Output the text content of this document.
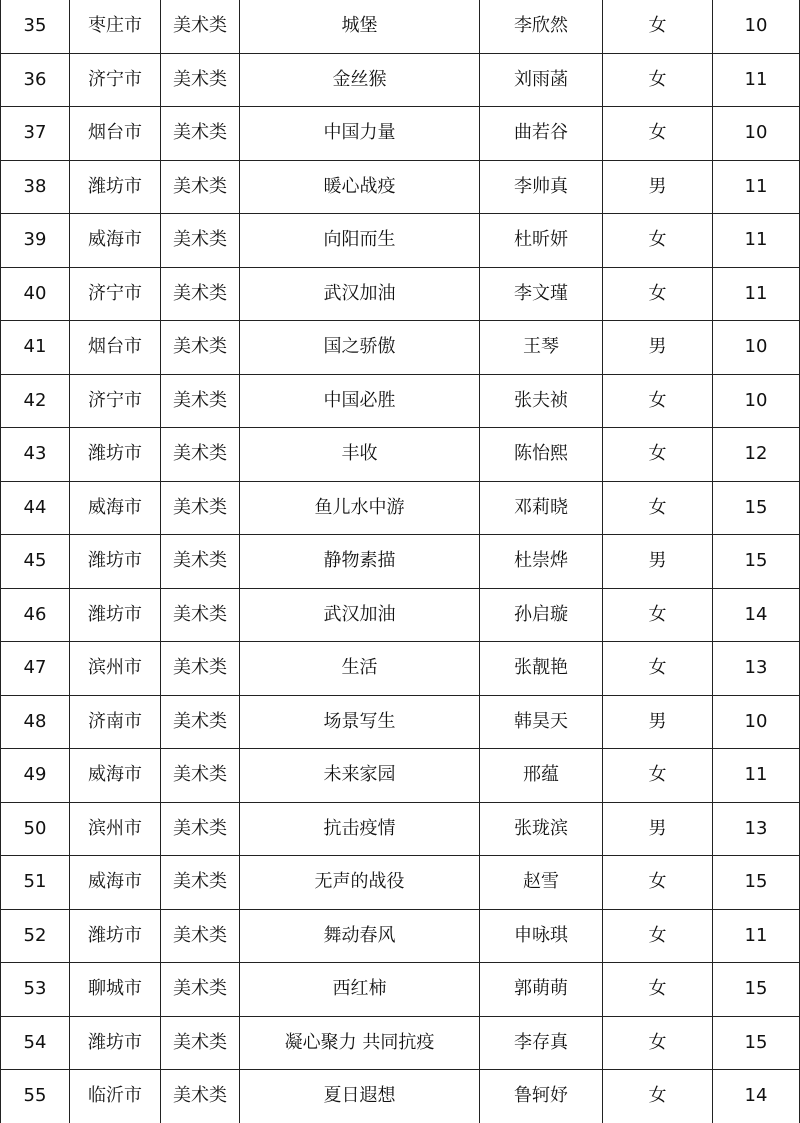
35	枣庄市	美术类	城堡	李欣然	女	10
36	济宁市	美术类	金丝猴	刘雨菡	女	11
37	烟台市	美术类	中国力量	曲若谷	女	10
38	潍坊市	美术类	暖心战疫	李帅真	男	11
39	威海市	美术类	向阳而生	杜昕妍	女	11
40	济宁市	美术类	武汉加油	李文瑾	女	11
41	烟台市	美术类	国之骄傲	王琴	男	10
42	济宁市	美术类	中国必胜	张夫祯	女	10
43	潍坊市	美术类	丰收	陈怡熙	女	12
44	威海市	美术类	鱼儿水中游	邓莉晓	女	15
45	潍坊市	美术类	静物素描	杜崇烨	男	15
46	潍坊市	美术类	武汉加油	孙启璇	女	14
47	滨州市	美术类	生活	张靓艳	女	13
48	济南市	美术类	场景写生	韩昊天	男	10
49	威海市	美术类	未来家园	邢蕴	女	11
50	滨州市	美术类	抗击疫情	张珑滨	男	13
51	威海市	美术类	无声的战役	赵雪	女	15
52	潍坊市	美术类	舞动春风	申咏琪	女	11
53	聊城市	美术类	西红柿	郭萌萌	女	15
54	潍坊市	美术类	凝心聚力 共同抗疫	李存真	女	15
55	临沂市	美术类	夏日遐想	鲁轲妤	女	14
